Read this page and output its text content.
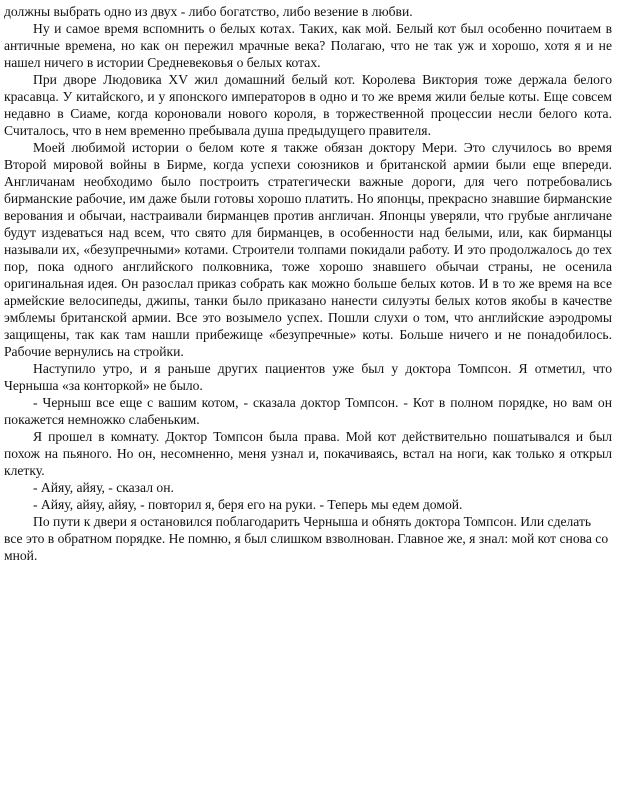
должны выбрать одно из двух - либо богатство, либо везение в любви.

Ну и самое время вспомнить о белых котах. Таких, как мой. Белый кот был особенно почитаем в античные времена, но как он пережил мрачные века? Полагаю, что не так уж и хорошо, хотя я и не нашел ничего в истории Средневековья о белых котах.

При дворе Людовика XV жил домашний белый кот. Королева Виктория тоже держала белого красавца. У китайского, и у японского императоров в одно и то же время жили белые коты. Еще совсем недавно в Сиаме, когда короновали нового короля, в торжественной процессии несли белого кота. Считалось, что в нем временно пребывала душа предыдущего правителя.

Моей любимой истории о белом коте я также обязан доктору Мери. Это случилось во время Второй мировой войны в Бирме, когда успехи союзников и британской армии были еще впереди. Англичанам необходимо было построить стратегически важные дороги, для чего потребовались бирманские рабочие, им даже были готовы хорошо платить. Но японцы, прекрасно знавшие бирманские верования и обычаи, настраивали бирманцев против англичан. Японцы уверяли, что грубые англичане будут издеваться над всем, что свято для бирманцев, в особенности над белыми, или, как бирманцы называли их, «безупречными» котами. Строители толпами покидали работу. И это продолжалось до тех пор, пока одного английского полковника, тоже хорошо знавшего обычаи страны, не осенила оригинальная идея. Он разослал приказ собрать как можно больше белых котов. И в то же время на все армейские велосипеды, джипы, танки было приказано нанести силуэты белых котов якобы в качестве эмблемы британской армии. Все это возымело успех. Пошли слухи о том, что английские аэродромы защищены, так как там нашли прибежище «безупречные» коты. Больше ничего и не понадобилось. Рабочие вернулись на стройки.

Наступило утро, и я раньше других пациентов уже был у доктора Томпсон. Я отметил, что Черныша «за конторкой» не было.

- Черныш все еще с вашим котом, - сказала доктор Томпсон. - Кот в полном порядке, но вам он покажется немножко слабеньким.

Я прошел в комнату. Доктор Томпсон была права. Мой кот действительно пошатывался и был похож на пьяного. Но он, несомненно, меня узнал и, покачиваясь, встал на ноги, как только я открыл клетку.

- Айяу, айяу, - сказал он.

- Айяу, айяу, айяу, - повторил я, беря его на руки. - Теперь мы едем домой.

По пути к двери я остановился поблагодарить Черныша и обнять доктора Томпсон. Или сделать все это в обратном порядке. Не помню, я был слишком взволнован. Главное же, я знал: мой кот снова со мной.
